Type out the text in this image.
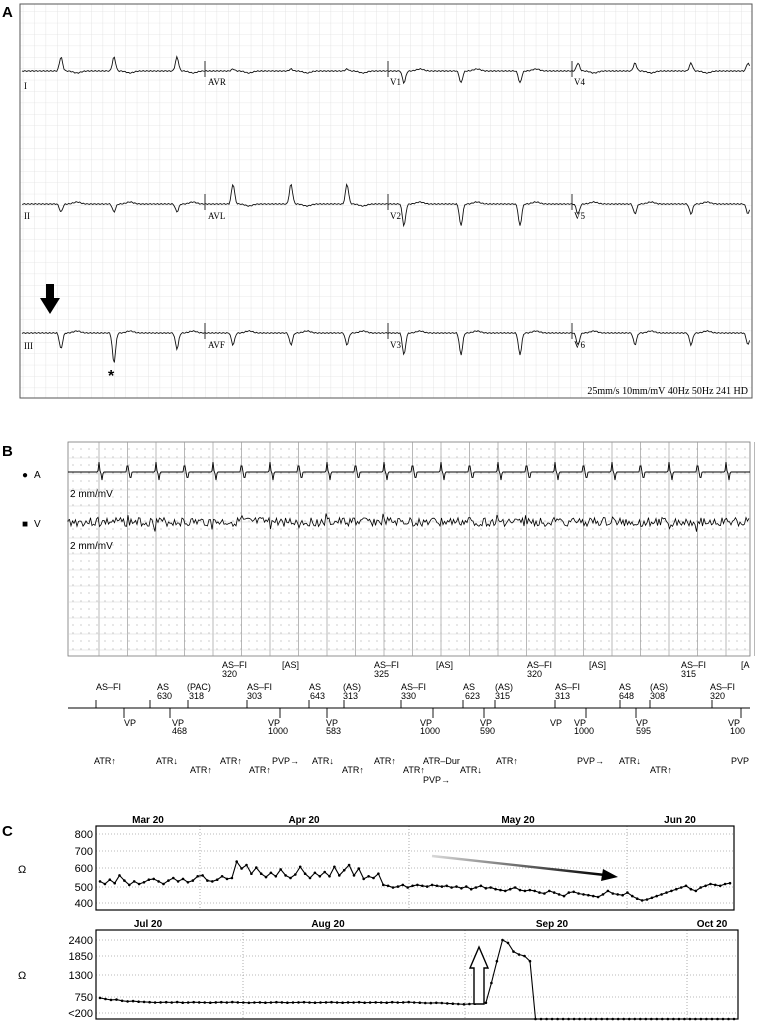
A
I	AVR	V1	V4
II	AVL	V2	V5
III	AVF	V3	V6
*
25mm/s 10mm/mV 40Hz 50Hz 241 HD
B
● A
2 mm/mV
■ V
2 mm/mV
AS–FI	[AS]	AS–FI	[AS]	AS–FI	[AS]	AS–FI	[A
320	325	320	315
AS–FI	AS (PAC)	AS–FI	AS (AS)	AS–FI	AS (AS)	AS–FI	AS (AS)	AS–FI
630 318	303	643 313	330	623 315	313	648 308	320
VP	VP	VP	VP	VP	VP	VP	VP	VP
VP
468	1000	583	1000	590	1000	595	100
ATR↑	ATR↓	ATR↑	PVP→ ATR↓	ATR↑	ATR–Dur	ATR↑	PVP→ ATR↓	PVP
ATR↑	ATR↑	ATR↑	ATR↑	ATR↓	ATR↑
PVP→
C
Ω
800
700
600
500
400
Mar 20	Apr 20	May 20	Jun 20
Ω
2400
1850
1300
750
<200
Jul 20	Aug 20	Sep 20	Oct 20
